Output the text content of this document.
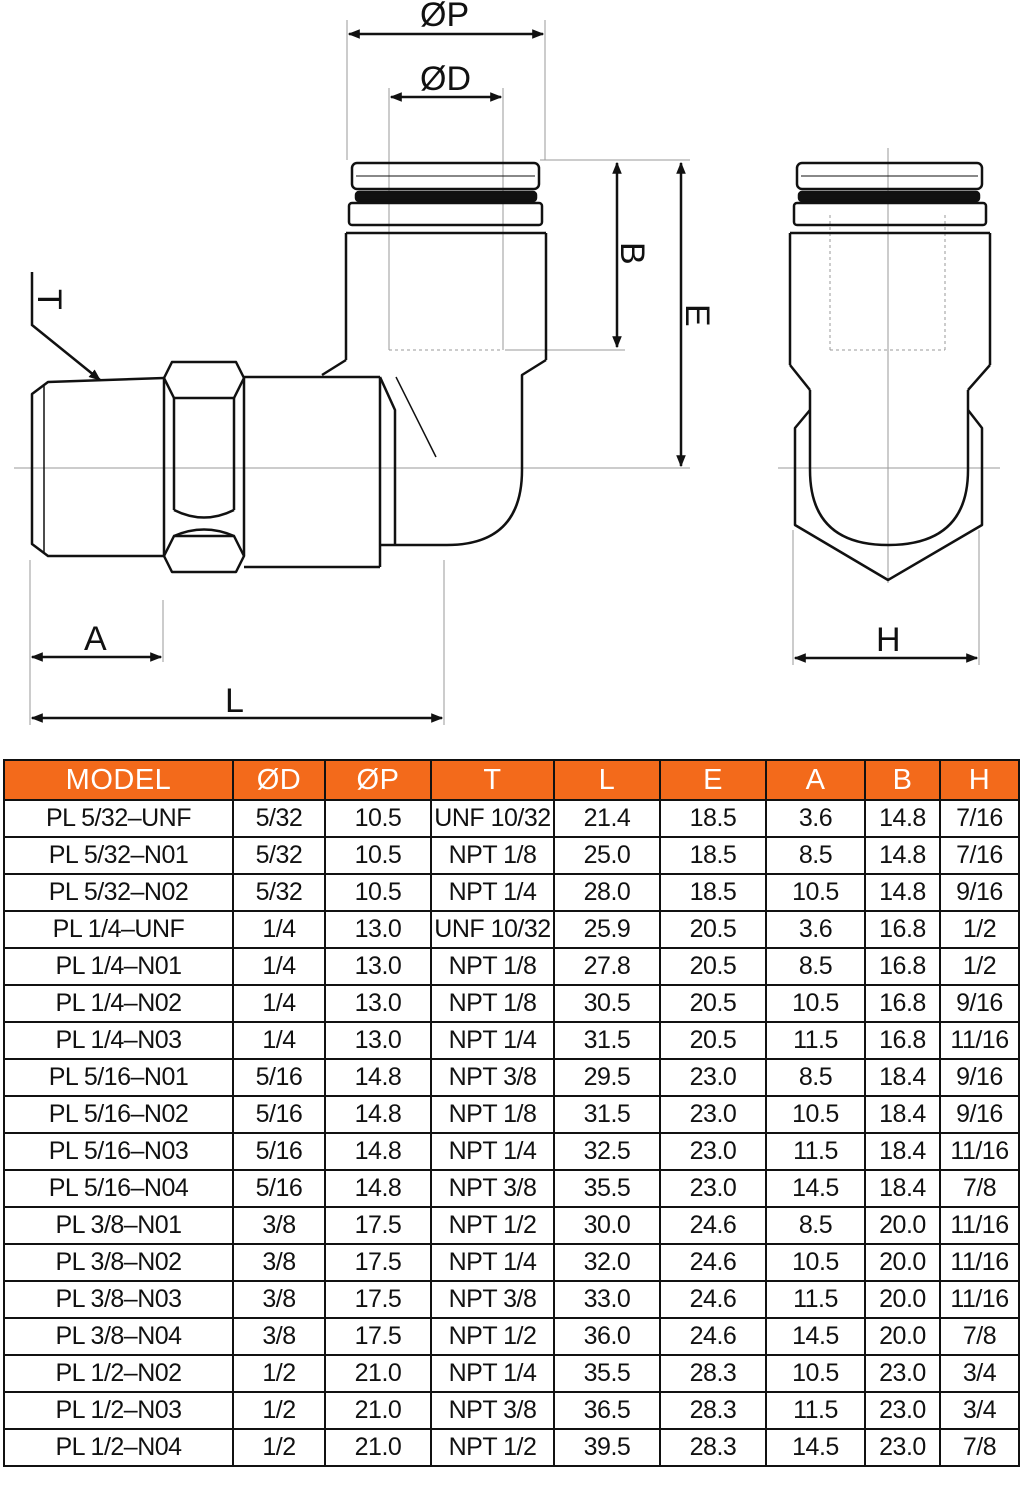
ØP
ØD
B
E
T
A
L
H
MODEL	ØD	ØP	T	L	E	A	B	H
PL 5/32–UNF	5/32	10.5	UNF 10/32	21.4	18.5	3.6	14.8	7/16
PL 5/32–N01	5/32	10.5	NPT 1/8	25.0	18.5	8.5	14.8	7/16
PL 5/32–N02	5/32	10.5	NPT 1/4	28.0	18.5	10.5	14.8	9/16
PL 1/4–UNF	1/4	13.0	UNF 10/32	25.9	20.5	3.6	16.8	1/2
PL 1/4–N01	1/4	13.0	NPT 1/8	27.8	20.5	8.5	16.8	1/2
PL 1/4–N02	1/4	13.0	NPT 1/8	30.5	20.5	10.5	16.8	9/16
PL 1/4–N03	1/4	13.0	NPT 1/4	31.5	20.5	11.5	16.8	11/16
PL 5/16–N01	5/16	14.8	NPT 3/8	29.5	23.0	8.5	18.4	9/16
PL 5/16–N02	5/16	14.8	NPT 1/8	31.5	23.0	10.5	18.4	9/16
PL 5/16–N03	5/16	14.8	NPT 1/4	32.5	23.0	11.5	18.4	11/16
PL 5/16–N04	5/16	14.8	NPT 3/8	35.5	23.0	14.5	18.4	7/8
PL 3/8–N01	3/8	17.5	NPT 1/2	30.0	24.6	8.5	20.0	11/16
PL 3/8–N02	3/8	17.5	NPT 1/4	32.0	24.6	10.5	20.0	11/16
PL 3/8–N03	3/8	17.5	NPT 3/8	33.0	24.6	11.5	20.0	11/16
PL 3/8–N04	3/8	17.5	NPT 1/2	36.0	24.6	14.5	20.0	7/8
PL 1/2–N02	1/2	21.0	NPT 1/4	35.5	28.3	10.5	23.0	3/4
PL 1/2–N03	1/2	21.0	NPT 3/8	36.5	28.3	11.5	23.0	3/4
PL 1/2–N04	1/2	21.0	NPT 1/2	39.5	28.3	14.5	23.0	7/8
